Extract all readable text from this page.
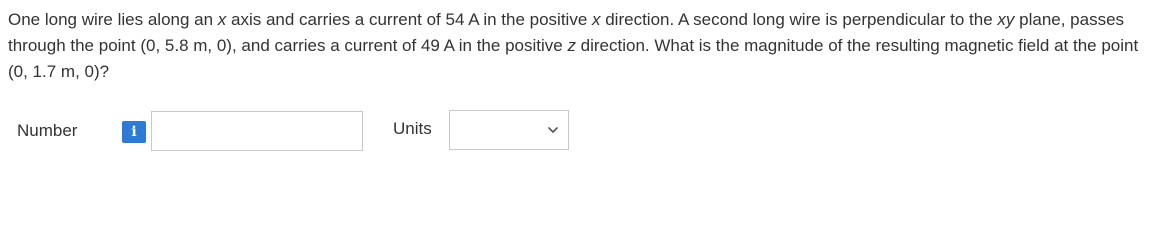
One long wire lies along an x axis and carries a current of 54 A in the positive x direction. A second long wire is perpendicular to the xy plane, passes through the point (0, 5.8 m, 0), and carries a current of 49 A in the positive z direction. What is the magnitude of the resulting magnetic field at the point (0, 1.7 m, 0)?

Number	i	Units
